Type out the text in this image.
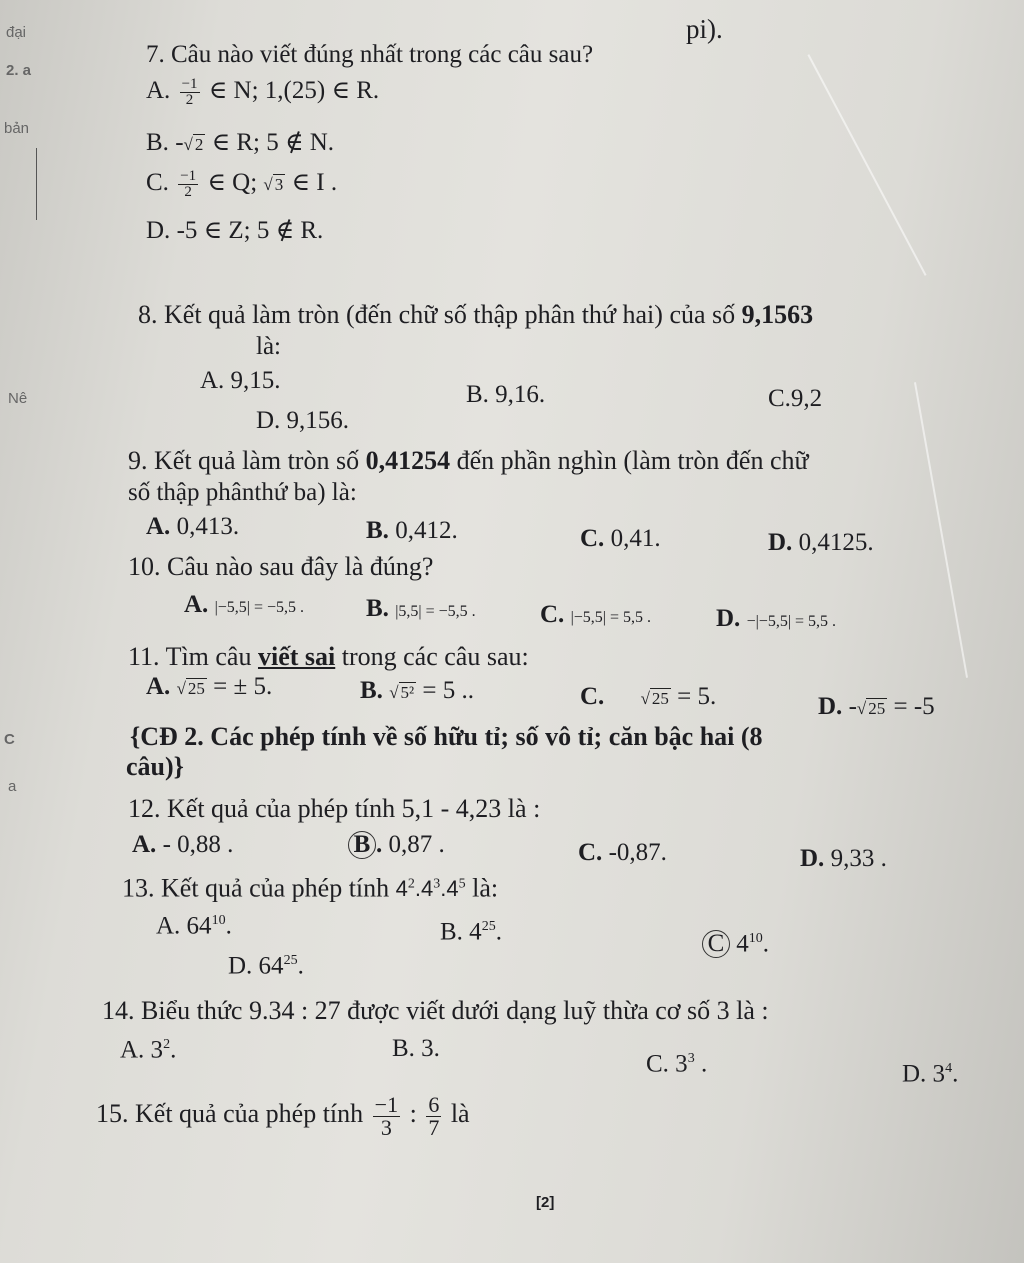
đại
2. a
bản
Nê
C
a
pi).
7. Câu nào viết đúng nhất trong các câu sau?
A. $\frac{-1}{2}$ ∈ N; 1,(25) ∈ R.
B. -√ 2 ∈ R; 5 ∉ N.
C. $\frac{-1}{2}$ ∈ Q; √ 3 ∈ I .
D. -5 ∈ Z; 5 ∉ R.
8. Kết quả làm tròn (đến chữ số thập phân thứ hai) của số 9,1563
là:
A. 9,15.
B. 9,16.	C.9,2
D. 9,156.
9. Kết quả làm tròn số 0,41254 đến phần nghìn (làm tròn đến chữ
số thập phânthứ ba) là:
A. 0,413.	B. 0,412.	C. 0,41.	D. 0,4125.
10. Câu nào sau đây là đúng?
A. |−5,5| = −5,5 . B. |5,5| = −5,5 .	C. |−5,5| = 5,5 .	D. −|−5,5| = 5,5 .
11. Tìm câu viết sai trong các câu sau:
A. √ 25 = ± 5.	B. √ 5² = 5 ..	C. √ 25 = 5.	D. -√ 25 = -5
{CĐ 2. Các phép tính về số hữu tỉ; số vô tỉ; căn bậc hai (8
câu)}
12. Kết quả của phép tính 5,1 - 4,23 là :
A. - 0,88 .	B . 0,87 .	C. -0,87.	D. 9,33 .
13. Kết quả của phép tính $4^2.4^3.4^5$ là:
A. $64^{10}$.	B. $4^{25}$.	C $4^{10}$.
D. $64^{25}$.
14. Biểu thức 9.34 : 27 được viết dưới dạng luỹ thừa cơ số 3 là :
A. $3^2$.	B. 3.
C. $3^3$ .	D. $3^4$.
15. Kết quả của phép tính $\frac{-1}{3}$ : $\frac{6}{7}$ là
[2]
